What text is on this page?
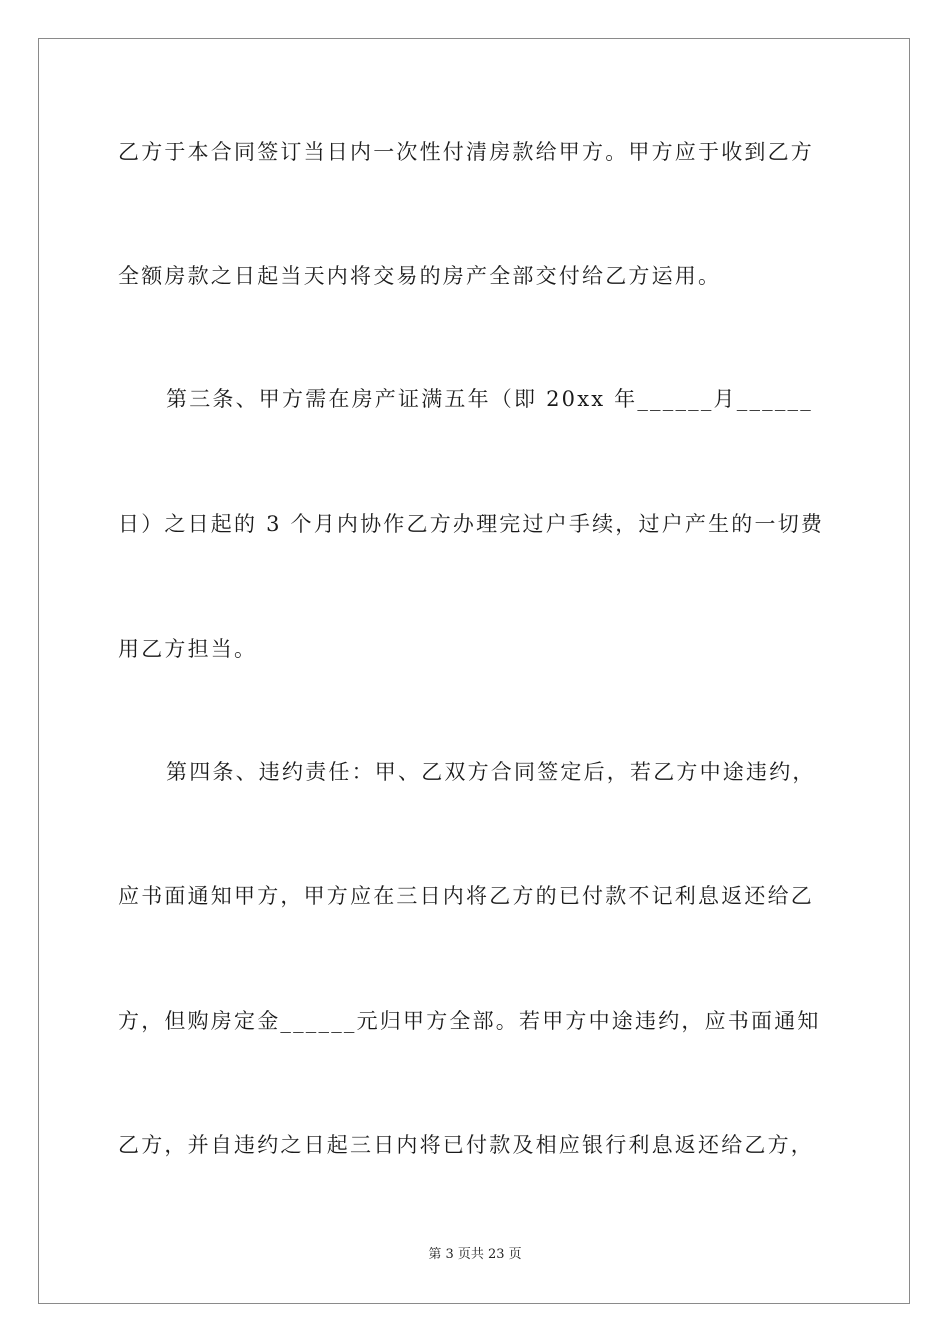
乙方于本合同签订当日内一次性付清房款给甲方。甲方应于收到乙方
全额房款之日起当天内将交易的房产全部交付给乙方运用。
第三条、甲方需在房产证满五年（即 20xx 年______月______
日）之日起的 3 个月内协作乙方办理完过户手续，过户产生的一切费
用乙方担当。
第四条、违约责任：甲、乙双方合同签定后，若乙方中途违约，
应书面通知甲方，甲方应在三日内将乙方的已付款不记利息返还给乙
方，但购房定金______元归甲方全部。若甲方中途违约，应书面通知
乙方，并自违约之日起三日内将已付款及相应银行利息返还给乙方，
第 3 页共 23 页
